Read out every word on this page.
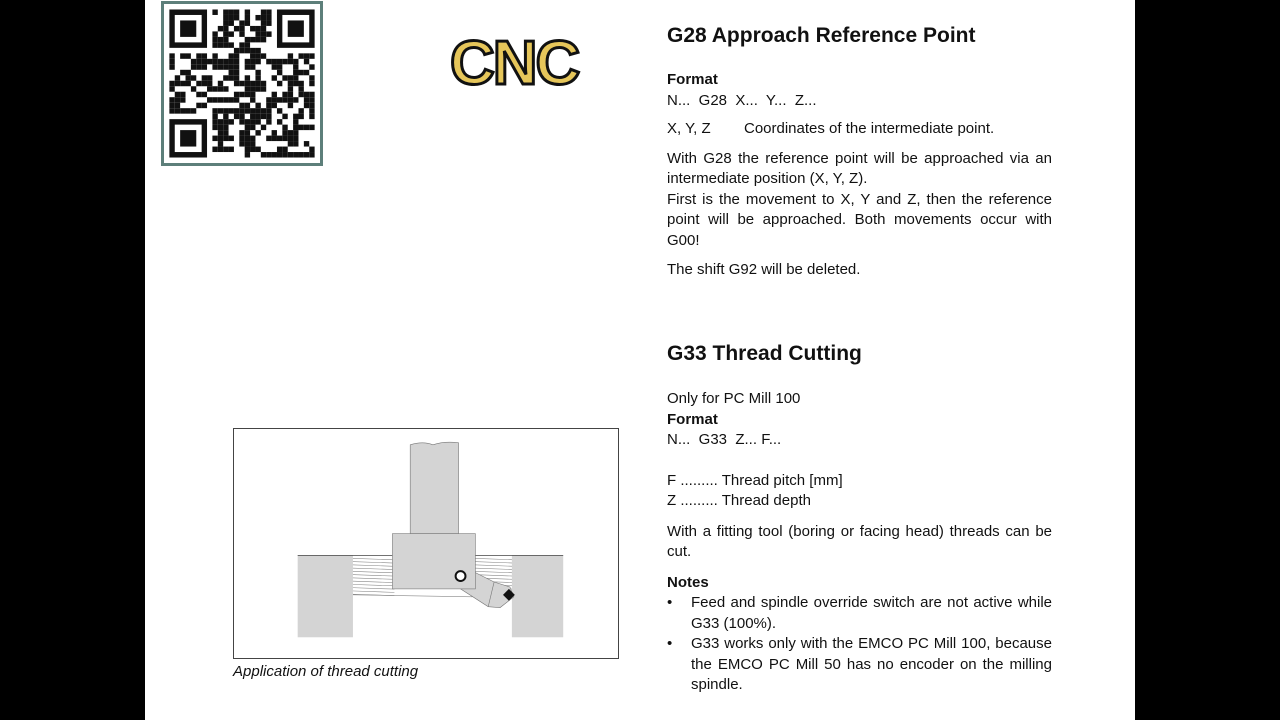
CNC	G28 Approach Reference Point

Format

N...  G28  X...  Y...  Z...

X, Y, Z Coordinates of the intermediate point.

With G28 the reference point will be approached via an intermediate position (X, Y, Z).

First is the movement to X, Y and Z, then the reference point will be approached. Both movements occur with G00!

The shift G92 will be deleted.

G33 Thread Cutting

Only for PC Mill 100

Format

N...  G33  Z... F...

F ......... Thread pitch [mm]

Z ......... Thread depth

With a fitting tool (boring or facing head) threads can be cut.

Notes

• Feed and spindle override switch are not active while G33 (100%).
• G33 works only with the EMCO PC Mill 100, because the EMCO PC Mill 50 has no encoder on the milling spindle.
Application of thread cutting
